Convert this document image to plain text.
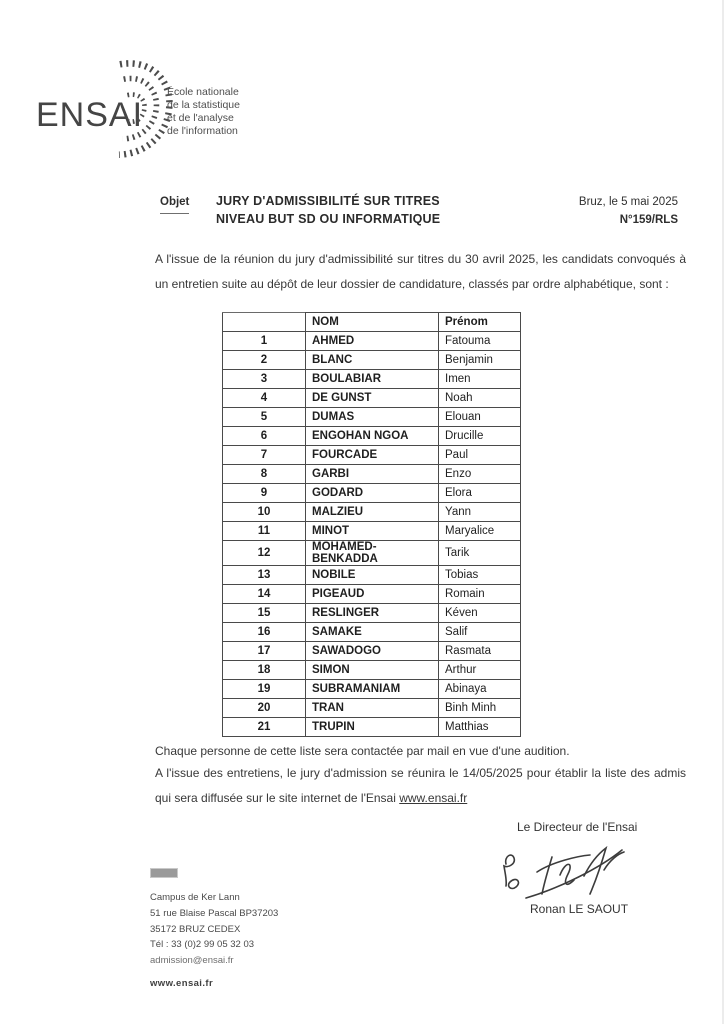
ENSAI
École nationale
de la statistique
et de l'analyse
de l'information
Objet JURY D'ADMISSIBILITÉ SUR TITRES
NIVEAU BUT SD OU INFORMATIQUE
Bruz, le 5 mai 2025
N°159/RLS
A l'issue de la réunion du jury d'admissibilité sur titres du 30 avril 2025, les candidats convoqués à un entretien suite au dépôt de leur dossier de candidature, classés par ordre alphabétique, sont :
	NOM	Prénom
1	AHMED	Fatouma
2	BLANC	Benjamin
3	BOULABIAR	Imen
4	DE GUNST	Noah
5	DUMAS	Elouan
6	ENGOHAN NGOA	Drucille
7	FOURCADE	Paul
8	GARBI	Enzo
9	GODARD	Elora
10	MALZIEU	Yann
11	MINOT	Maryalice
12	MOHAMED-BENKADDA	Tarik
13	NOBILE	Tobias
14	PIGEAUD	Romain
15	RESLINGER	Kéven
16	SAMAKE	Salif
17	SAWADOGO	Rasmata
18	SIMON	Arthur
19	SUBRAMANIAM	Abinaya
20	TRAN	Binh Minh
21	TRUPIN	Matthias
Chaque personne de cette liste sera contactée par mail en vue d'une audition.
A l'issue des entretiens, le jury d'admission se réunira le 14/05/2025 pour établir la liste des admis qui sera diffusée sur le site internet de l'Ensai www.ensai.fr
Le Directeur de l'Ensai
Ronan LE SAOUT
Campus de Ker Lann
51 rue Blaise Pascal BP37203
35172 BRUZ CEDEX
Tél : 33 (0)2 99 05 32 03
admission@ensai.fr
www.ensai.fr
